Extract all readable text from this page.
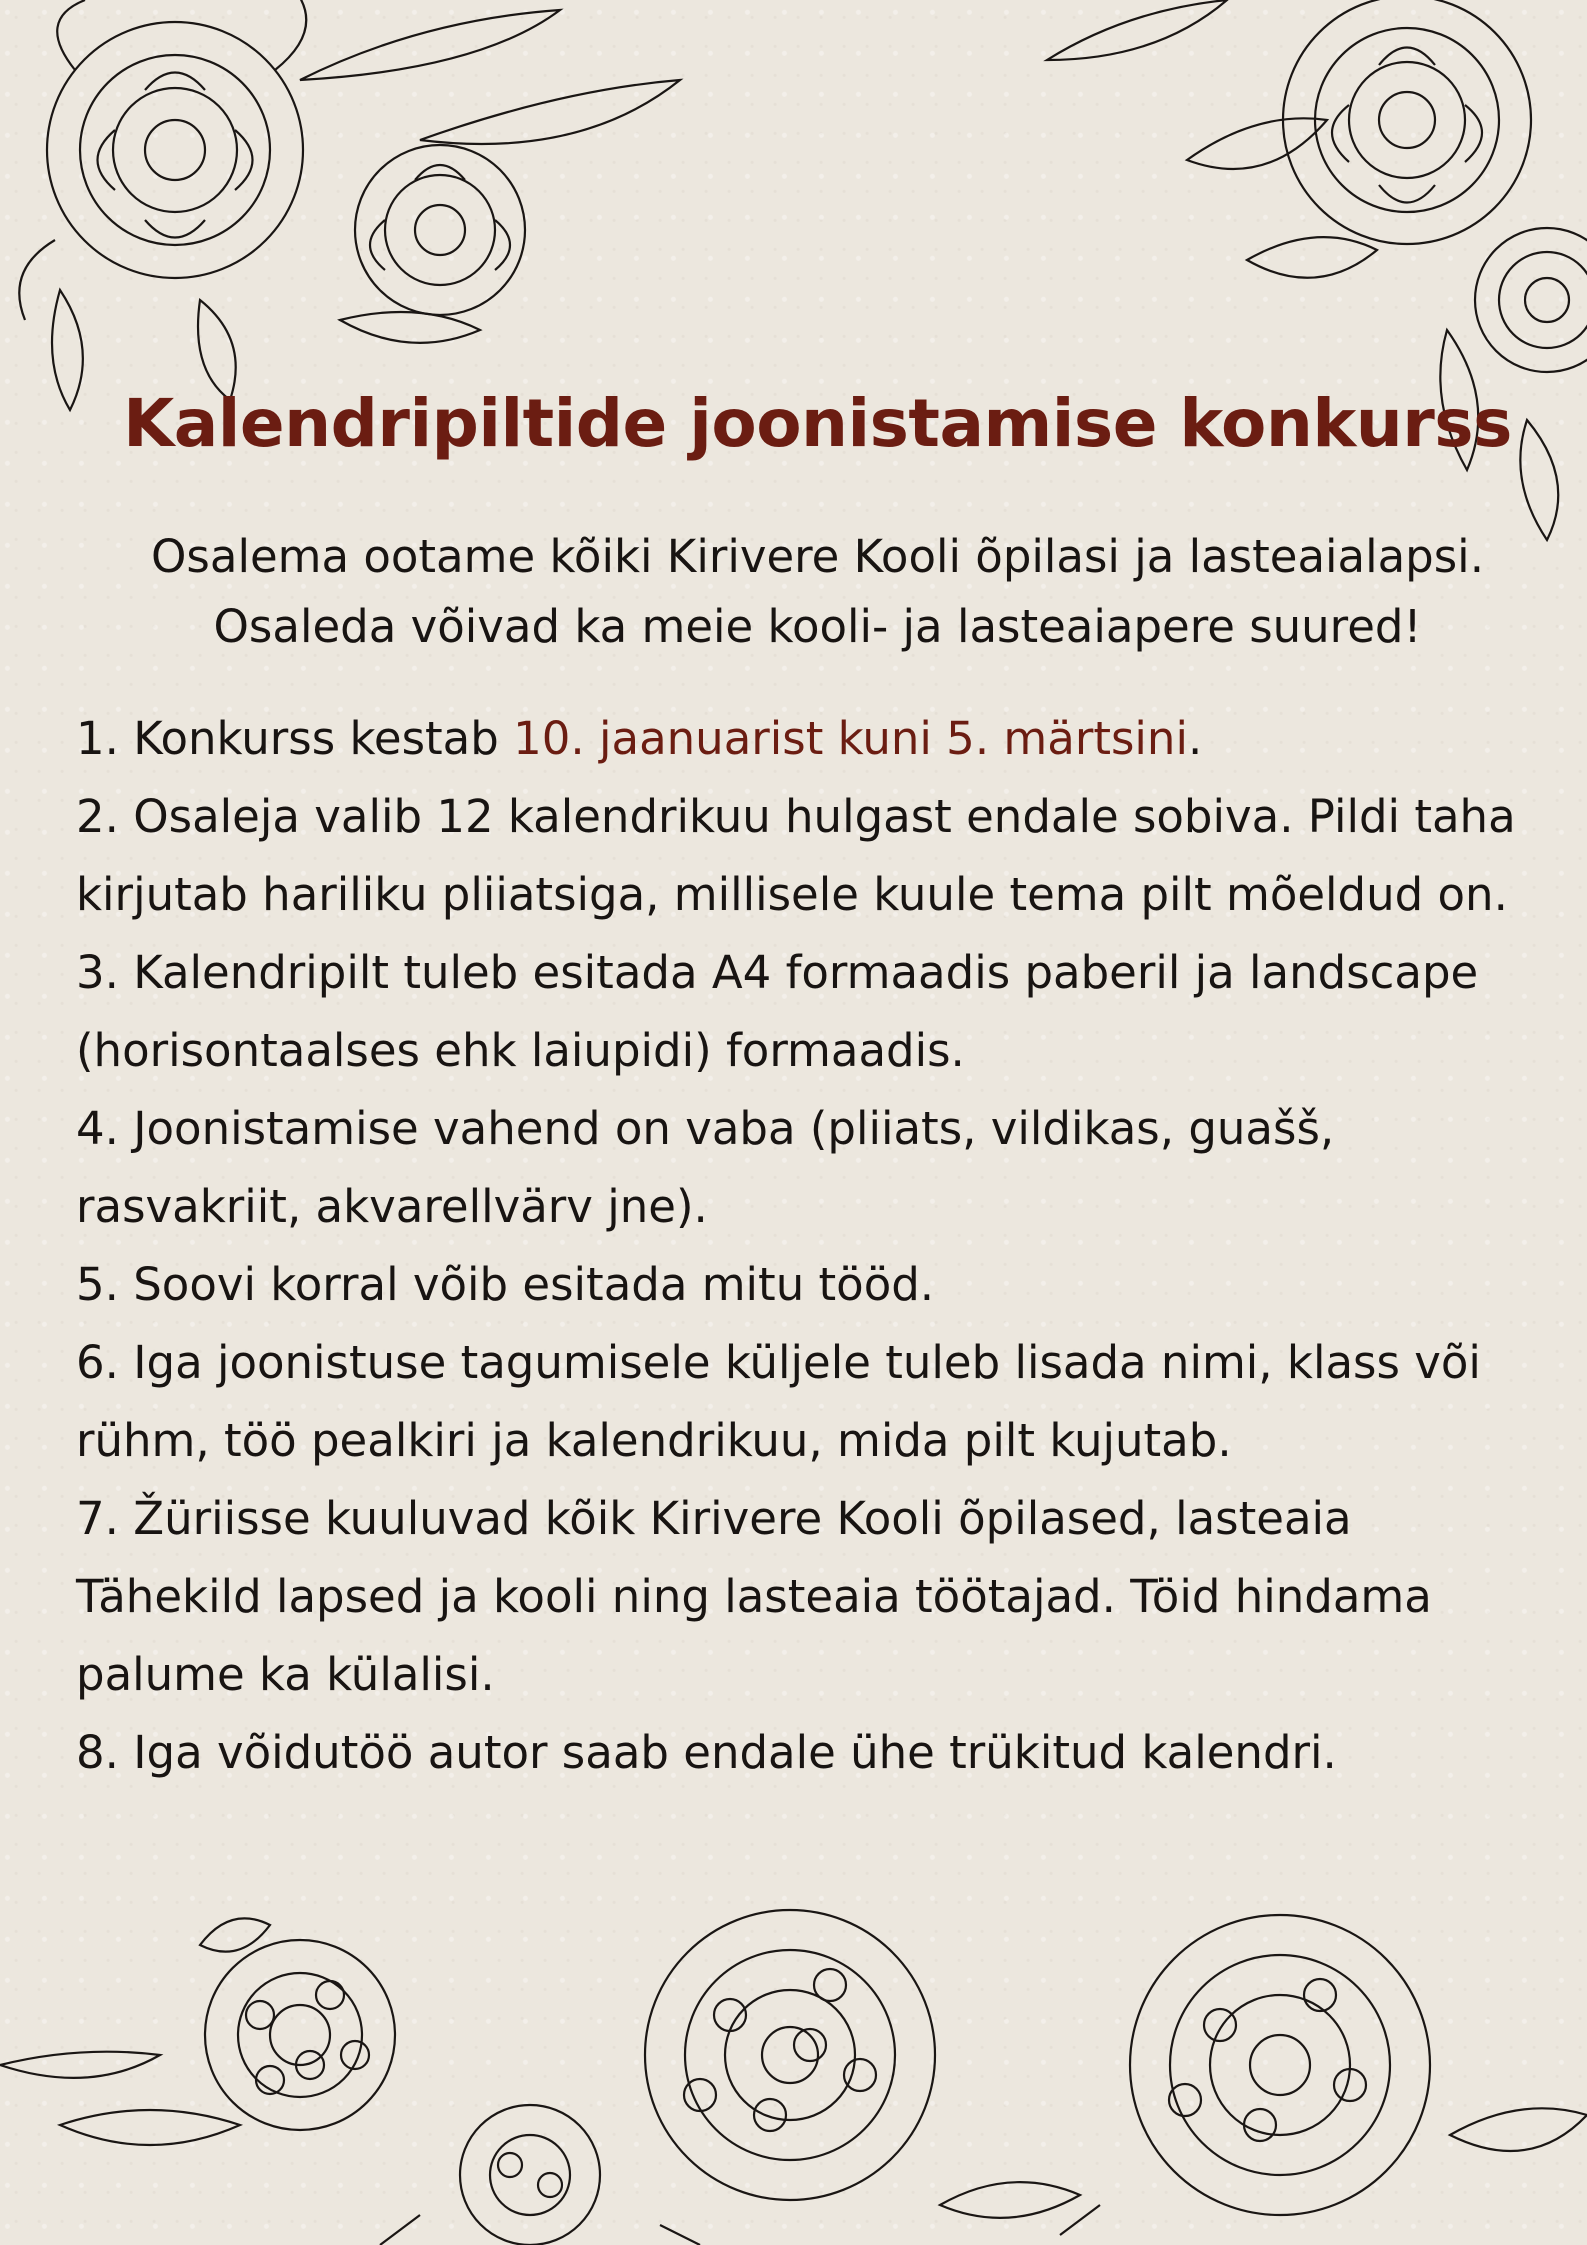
Kalendripiltide joonistamise konkurss
Osalema ootame kõiki Kirivere Kooli õpilasi ja lasteaialapsi.
Osaleda võivad ka meie kooli- ja lasteaiapere suured!

1. Konkurss kestab 10. jaanuarist kuni 5. märtsini.

2. Osaleja valib 12 kalendrikuu hulgast endale sobiva. Pildi taha kirjutab hariliku pliiatsiga, millisele kuule tema pilt mõeldud on.

3. Kalendripilt tuleb esitada A4 formaadis paberil ja landscape (horisontaalses ehk laiupidi) formaadis.

4. Joonistamise vahend on vaba (pliiats, vildikas, guašš, rasvakriit, akvarellvärv jne).

5. Soovi korral võib esitada mitu tööd.

6. Iga joonistuse tagumisele küljele tuleb lisada nimi, klass või rühm, töö pealkiri ja kalendrikuu, mida pilt kujutab.

7. Žüriisse kuuluvad kõik Kirivere Kooli õpilased, lasteaia Tähekild lapsed ja kooli ning lasteaia töötajad. Töid hindama palume ka külalisi.

8. Iga võidutöö autor saab endale ühe trükitud kalendri.
